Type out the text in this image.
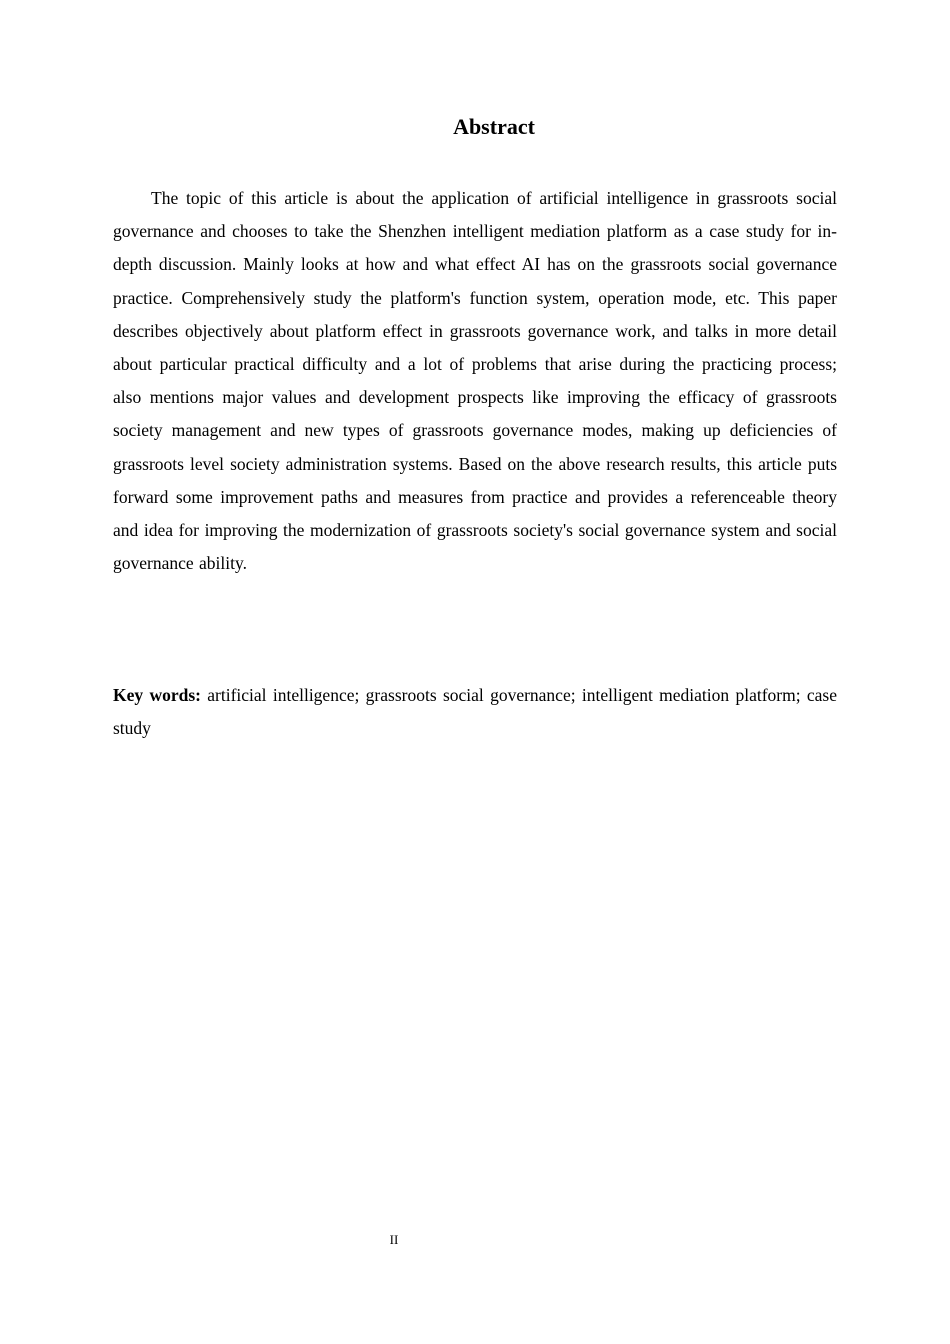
Abstract

The topic of this article is about the application of artificial intelligence in grassroots social governance and chooses to take the Shenzhen intelligent mediation platform as a case study for in-depth discussion. Mainly looks at how and what effect AI has on the grassroots social governance practice. Comprehensively study the platform's function system, operation mode, etc. This paper describes objectively about platform effect in grassroots governance work, and talks in more detail about particular practical difficulty and a lot of problems that arise during the practicing process; also mentions major values and development prospects like improving the efficacy of grassroots society management and new types of grassroots governance modes, making up deficiencies of grassroots level society administration systems. Based on the above research results, this article puts forward some improvement paths and measures from practice and provides a referenceable theory and idea for improving the modernization of grassroots society's social governance system and social governance ability.

Key words: artificial intelligence; grassroots social governance; intelligent mediation platform; case study

II
